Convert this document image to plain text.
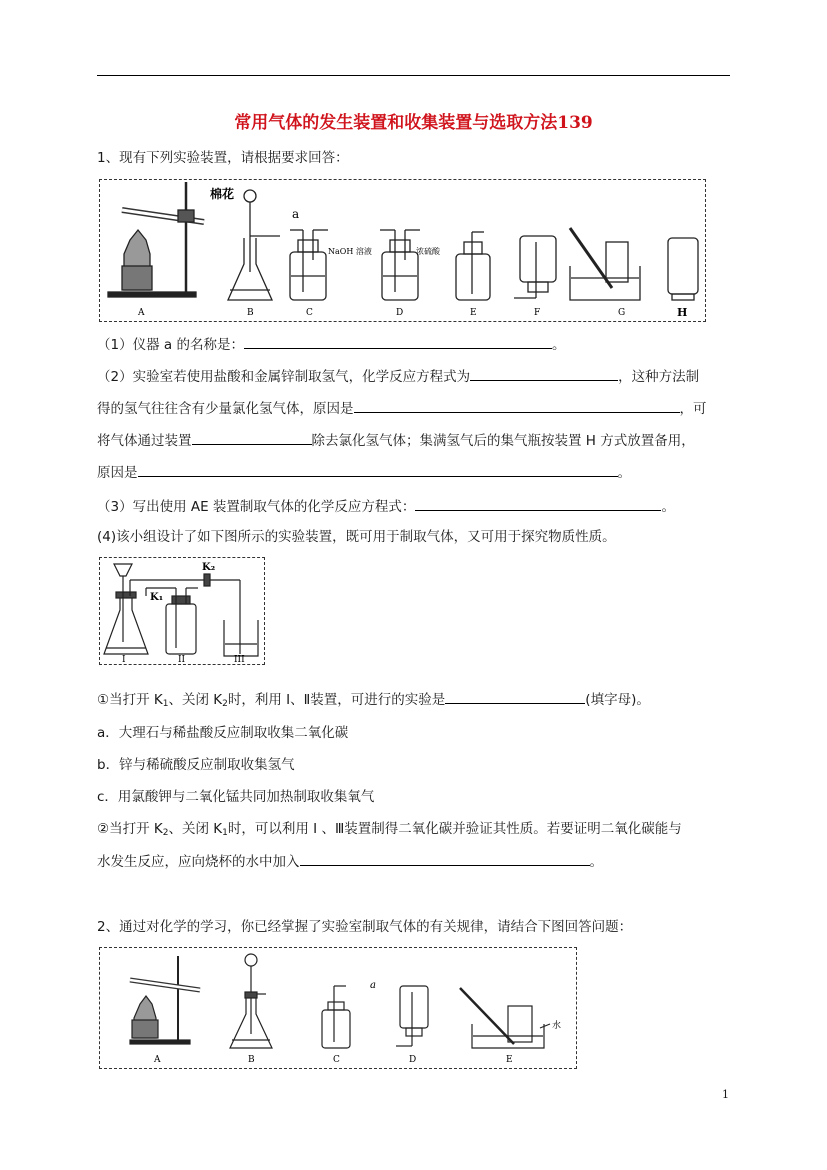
常用气体的发生装置和收集装置与选取方法139
1、现有下列实验装置，请根据要求回答：
A	B	C	D	E	F	G	H
棉花
a
NaOH 溶液	浓硫酸
（1）仪器 a 的名称是：	。
（2）实验室若使用盐酸和金属锌制取氢气，化学反应方程式为	，这种方法制
得的氢气往往含有少量氯化氢气体，原因是	，可
将气体通过装置	除去氯化氢气体；集满氢气后的集气瓶按装置 H 方式放置备用，
原因是	。
（3）写出使用 AE 装置制取气体的化学反应方程式：	。
(4)该小组设计了如下图所示的实验装置，既可用于制取气体，又可用于探究物质性质。
K₁
K₂
I	II	III
①当打开 $K_1$、关闭 $K_2$时，利用 I、Ⅱ装置，可进行的实验是	(填字母)。
a．大理石与稀盐酸反应制取收集二氧化碳
b．锌与稀硫酸反应制取收集氢气
c．用氯酸钾与二氧化锰共同加热制取收集氧气
②当打开 $K_2$、关闭 $K_1$时，可以利用 I 、Ⅲ装置制得二氧化碳并验证其性质。若要证明二氧化碳能与
水发生反应，应向烧杯的水中加入	。
2、通过对化学的学习，你已经掌握了实验室制取气体的有关规律，请结合下图回答问题：
A	B	C	D	E
a
水
1
